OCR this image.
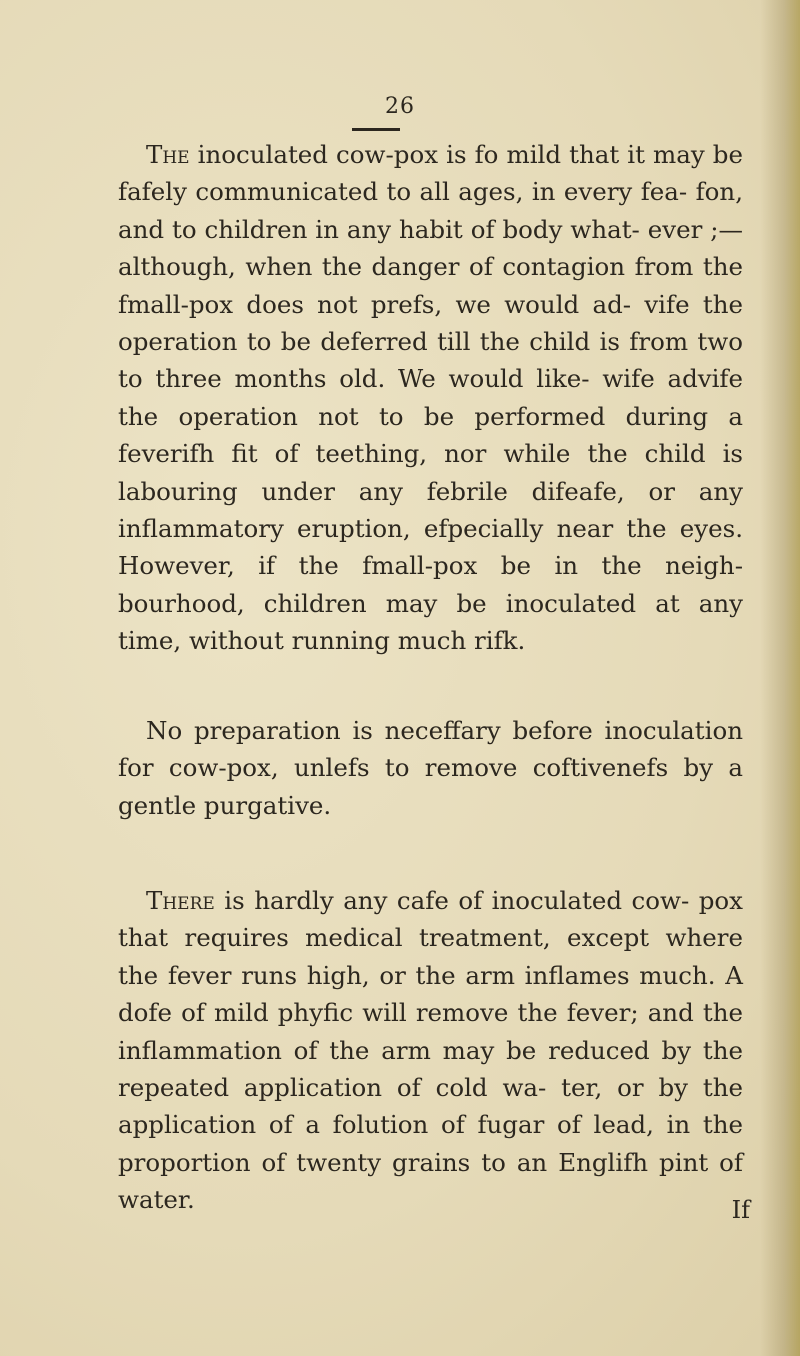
26
The inoculated cow-pox is fo mild that it may be fafely communicated to all ages, in every fea- fon, and to children in any habit of body what- ever ;—although, when the danger of contagion from the fmall-pox does not prefs, we would ad- vife the operation to be deferred till the child is from two to three months old. We would like- wife advife the operation not to be performed during a feverifh fit of teething, nor while the child is labouring under any febrile difeafe, or any inflammatory eruption, efpecially near the eyes. However, if the fmall-pox be in the neigh- bourhood, children may be inoculated at any time, without running much rifk.
No preparation is neceffary before inoculation for cow-pox, unlefs to remove coftivenefs by a gentle purgative.
There is hardly any cafe of inoculated cow- pox that requires medical treatment, except where the fever runs high, or the arm inflames much. A dofe of mild phyfic will remove the fever; and the inflammation of the arm may be reduced by the repeated application of cold wa- ter, or by the application of a folution of fugar of lead, in the proportion of twenty grains to an Englifh pint of water.	If
